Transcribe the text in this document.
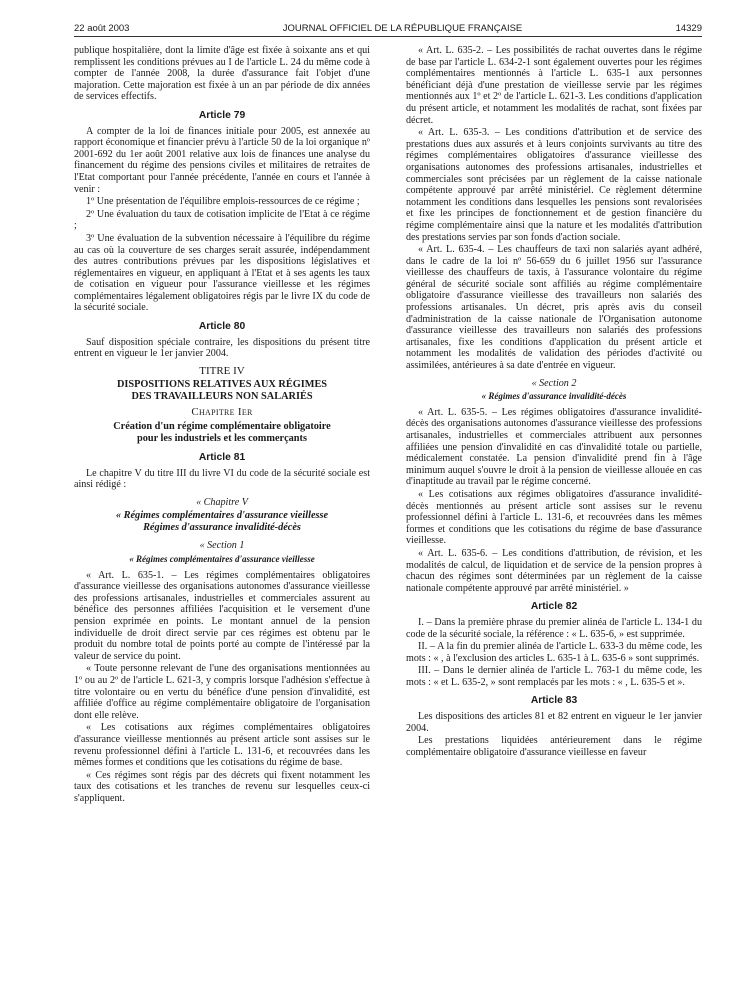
22 août 2003	JOURNAL OFFICIEL DE LA RÉPUBLIQUE FRANÇAISE	14329

publique hospitalière, dont la limite d'âge est fixée à soixante ans et qui remplissent les conditions prévues au I de l'article L. 24 du même code à compter de l'année 2008, la durée d'assurance fait l'objet d'une majoration. Cette majoration est fixée à un an par période de dix années de services effectifs.

Article 79

A compter de la loi de finances initiale pour 2005, est annexée au rapport économique et financier prévu à l'article 50 de la loi organique nº 2001-692 du 1er août 2001 relative aux lois de finances une analyse du financement du régime des pensions civiles et militaires de retraites de l'Etat comportant pour l'année précédente, l'année en cours et l'année à venir :

1º Une présentation de l'équilibre emplois-ressources de ce régime ;

2º Une évaluation du taux de cotisation implicite de l'Etat à ce régime ;

3º Une évaluation de la subvention nécessaire à l'équilibre du régime au cas où la couverture de ses charges serait assurée, indépendamment des autres contributions prévues par les dispositions législatives et réglementaires en vigueur, en appliquant à l'Etat et à ses agents les taux de cotisation en vigueur pour l'assurance vieillesse et les régimes complémentaires légalement obligatoires régis par le livre IX du code de la sécurité sociale.

Article 80

Sauf disposition spéciale contraire, les dispositions du présent titre entrent en vigueur le 1er janvier 2004.

TITRE IV
DISPOSITIONS RELATIVES AUX RÉGIMES
DES TRAVAILLEURS NON SALARIÉS
Chapitre Ier
Création d'un régime complémentaire obligatoire
pour les industriels et les commerçants
Article 81

Le chapitre V du titre III du livre VI du code de la sécurité sociale est ainsi rédigé :

« Chapitre V
« Régimes complémentaires d'assurance vieillesse
Régimes d'assurance invalidité-décès
« Section 1
« Régimes complémentaires d'assurance vieillesse

« Art. L. 635-1. – Les régimes complémentaires obligatoires d'assurance vieillesse des organisations autonomes d'assurance vieillesse des professions artisanales, industrielles et commerciales assurent au bénéfice des personnes affiliées l'acquisition et le versement d'une pension exprimée en points. Le montant annuel de la pension individuelle de droit direct servie par ces régimes est obtenu par le produit du nombre total de points porté au compte de l'intéressé par la valeur de service du point.

« Toute personne relevant de l'une des organisations mentionnées au 1º ou au 2º de l'article L. 621-3, y compris lorsque l'adhésion s'effectue à titre volontaire ou en vertu du bénéfice d'une pension d'invalidité, est affiliée d'office au régime complémentaire obligatoire de l'organisation dont elle relève.

« Les cotisations aux régimes complémentaires obligatoires d'assurance vieillesse mentionnés au présent article sont assises sur le revenu professionnel défini à l'article L. 131-6, et recouvrées dans les mêmes formes et conditions que les cotisations du régime de base.

« Ces régimes sont régis par des décrets qui fixent notamment les taux des cotisations et les tranches de revenu sur lesquelles ceux-ci s'appliquent.

« Art. L. 635-2. – Les possibilités de rachat ouvertes dans le régime de base par l'article L. 634-2-1 sont également ouvertes pour les régimes complémentaires mentionnés à l'article L. 635-1 aux personnes bénéficiant déjà d'une prestation de vieillesse servie par les régimes mentionnés aux 1º et 2º de l'article L. 621-3. Les conditions d'application du présent article, et notamment les modalités de rachat, sont fixées par décret.

« Art. L. 635-3. – Les conditions d'attribution et de service des prestations dues aux assurés et à leurs conjoints survivants au titre des régimes complémentaires obligatoires d'assurance vieillesse des organisations autonomes des professions artisanales, industrielles et commerciales sont précisées par un règlement de la caisse nationale compétente approuvé par arrêté ministériel. Ce règlement détermine notamment les conditions dans lesquelles les pensions sont revalorisées et fixe les principes de fonctionnement et de gestion financière du régime complémentaire ainsi que la nature et les modalités d'attribution des prestations servies par son fonds d'action sociale.

« Art. L. 635-4. – Les chauffeurs de taxi non salariés ayant adhéré, dans le cadre de la loi nº 56-659 du 6 juillet 1956 sur l'assurance vieillesse des chauffeurs de taxis, à l'assurance volontaire du régime général de sécurité sociale sont affiliés au régime complémentaire obligatoire d'assurance vieillesse des travailleurs non salariés des professions artisanales. Un décret, pris après avis du conseil d'administration de la caisse nationale de l'Organisation autonome d'assurance vieillesse des travailleurs non salariés des professions artisanales, fixe les conditions d'application du présent article et notamment les modalités de validation des périodes d'activité ou assimilées, antérieures à sa date d'entrée en vigueur.

« Section 2
« Régimes d'assurance invalidité-décès

« Art. L. 635-5. – Les régimes obligatoires d'assurance invalidité-décès des organisations autonomes d'assurance vieillesse des professions artisanales, industrielles et commerciales attribuent aux personnes affiliées une pension d'invalidité en cas d'invalidité totale ou partielle, médicalement constatée. La pension d'invalidité prend fin à l'âge minimum auquel s'ouvre le droit à la pension de vieillesse allouée en cas d'inaptitude au travail par le régime concerné.

« Les cotisations aux régimes obligatoires d'assurance invalidité-décès mentionnés au présent article sont assises sur le revenu professionnel défini à l'article L. 131-6, et recouvrées dans les mêmes formes et conditions que les cotisations du régime de base d'assurance vieillesse.

« Art. L. 635-6. – Les conditions d'attribution, de révision, et les modalités de calcul, de liquidation et de service de la pension propres à chacun des régimes sont déterminées par un règlement de la caisse nationale compétente approuvé par arrêté ministériel. »

Article 82

I. – Dans la première phrase du premier alinéa de l'article L. 134-1 du code de la sécurité sociale, la référence : « L. 635-6, » est supprimée.

II. – A la fin du premier alinéa de l'article L. 633-3 du même code, les mots : « , à l'exclusion des articles L. 635-1 à L. 635-6 » sont supprimés.

III. – Dans le dernier alinéa de l'article L. 763-1 du même code, les mots : « et L. 635-2, » sont remplacés par les mots : « , L. 635-5 et ».

Article 83

Les dispositions des articles 81 et 82 entrent en vigueur le 1er janvier 2004.

Les prestations liquidées antérieurement dans le régime complémentaire obligatoire d'assurance vieillesse en faveur
